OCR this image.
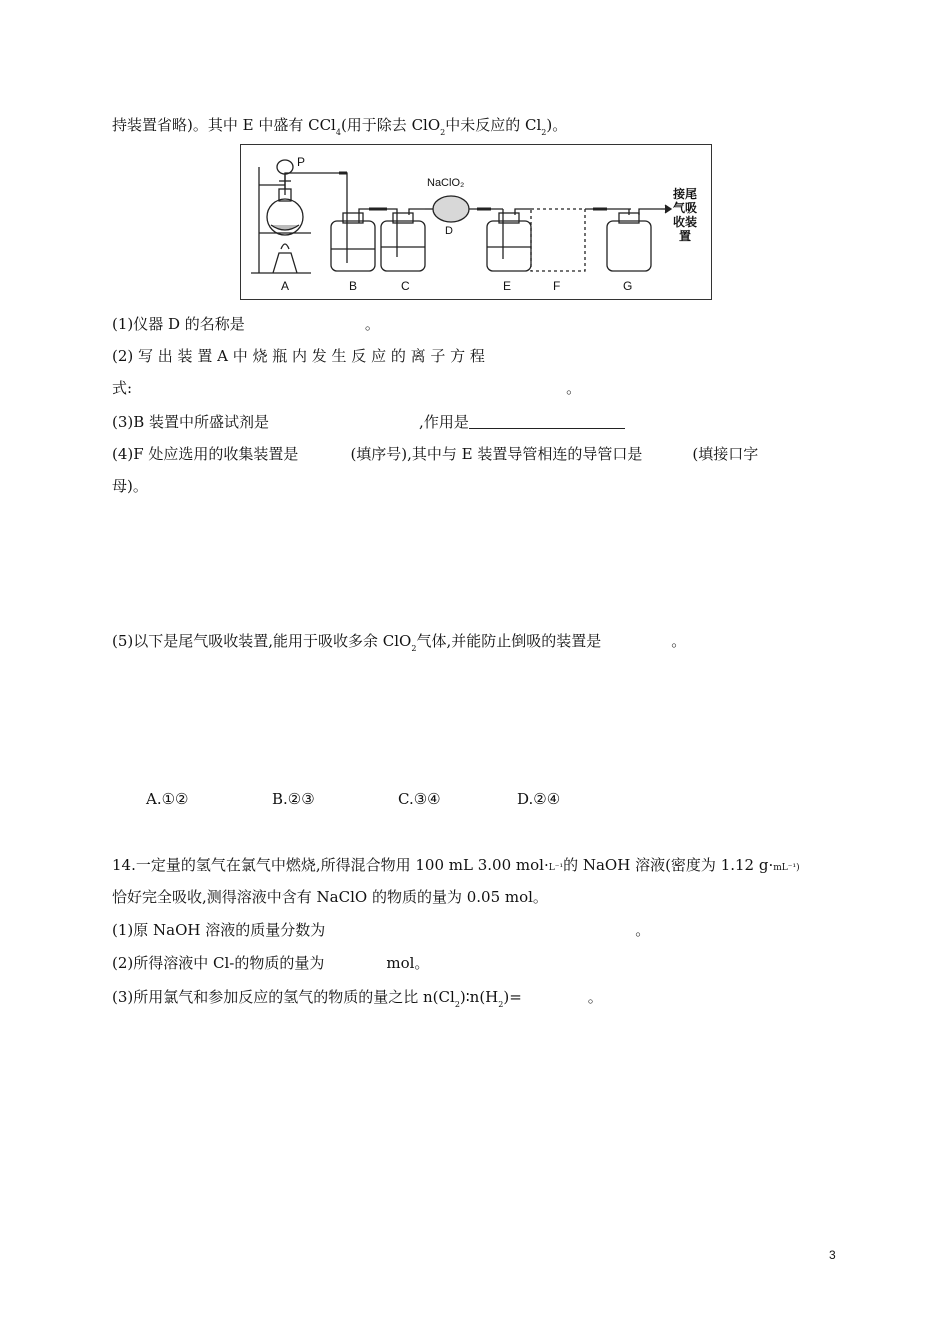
持装置省略)。其中 E 中盛有 CCl$_4$(用于除去 ClO$_2$中未反应的 $Cl_2$)。
P
NaClO₂
D
接尾
气吸
收装
置
A	B	C	E	F	G
(1)仪器 D 的名称是	。
(2) 写 出 装 置 A 中 烧 瓶 内 发 生 反 应 的 离 子 方 程
式:	。
(3)B 装置中所盛试剂是	,作用是
(4)F 处应选用的收集装置是	(填序号),其中与 E 装置导管相连的导管口是	(填接口字
母)。
(5)以下是尾气吸收装置,能用于吸收多余 ClO$_2$气体,并能防止倒吸的装置是	。
A.①②	B.②③	C.③④	D.②④
14.一定量的氢气在氯气中燃烧,所得混合物用 100 mL 3.00 mol·L⁻¹的 NaOH 溶液(密度为 1.12 g·mL⁻¹)
恰好完全吸收,测得溶液中含有 NaClO 的物质的量为 0.05 mol。
(1)原 NaOH 溶液的质量分数为	。
(2)所得溶液中 Cl-的物质的量为	mol。
(3)所用氯气和参加反应的氢气的物质的量之比 $n(Cl_2)∶n(H_2)=$	。
3
